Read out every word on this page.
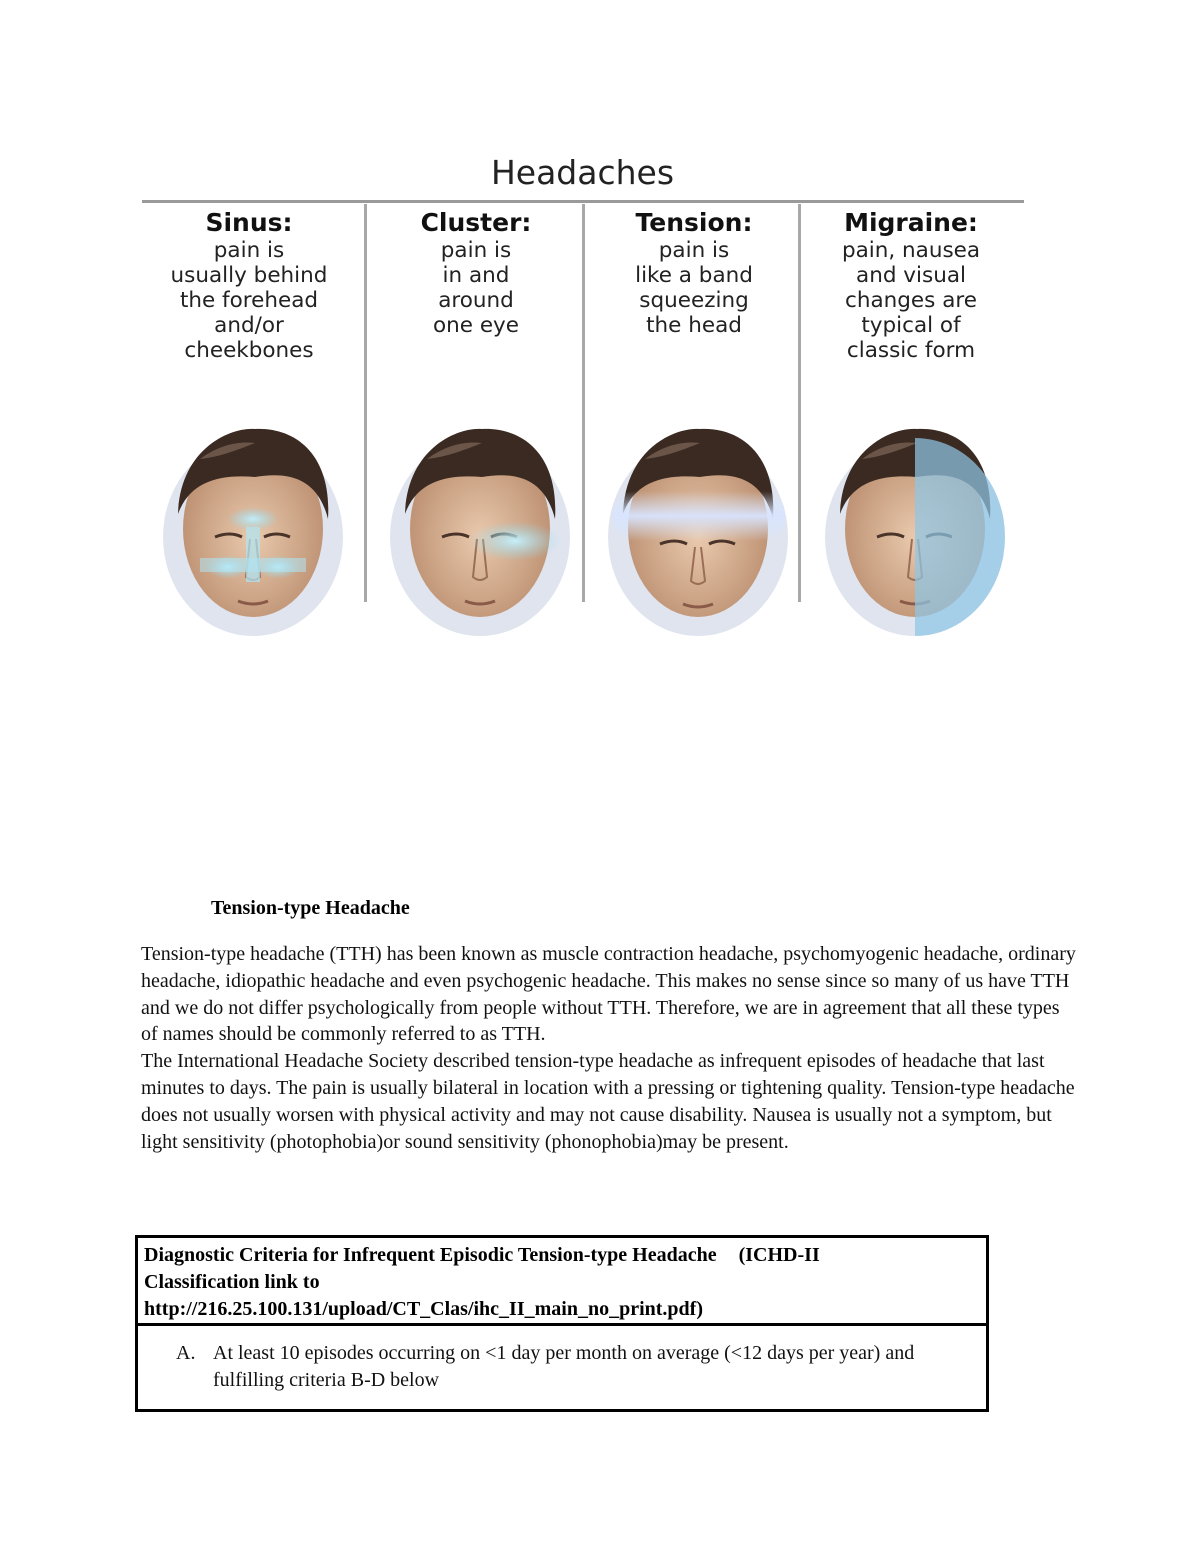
Headaches
Sinus:
pain is
usually behind
the forehead
and/or
cheekbones
Cluster:
pain is
in and
around
one eye
Tension:
pain is
like a band
squeezing
the head
Migraine:
pain, nausea
and visual
changes are
typical of
classic form
Tension-type Headache

Tension-type headache (TTH) has been known as muscle contraction headache, psychomyogenic headache, ordinary headache, idiopathic headache and even psychogenic headache. This makes no sense since so many of us have TTH and we do not differ psychologically from people without TTH. Therefore, we are in agreement that all these types of names should be commonly referred to as TTH.

The International Headache Society described tension-type headache as infrequent episodes of headache that last minutes to days. The pain is usually bilateral in location with a pressing or tightening quality. Tension-type headache does not usually worsen with physical activity and may not cause disability. Nausea is usually not a symptom, but light sensitivity (photophobia)or sound sensitivity (phonophobia)may be present.

Diagnostic Criteria for Infrequent Episodic Tension-type Headache (ICHD-II
Classification link to
http://216.25.100.131/upload/CT_Clas/ihc_II_main_no_print.pdf)
A. At least 10 episodes occurring on <1 day per month on average (<12 days per year) and fulfilling criteria B-D below
